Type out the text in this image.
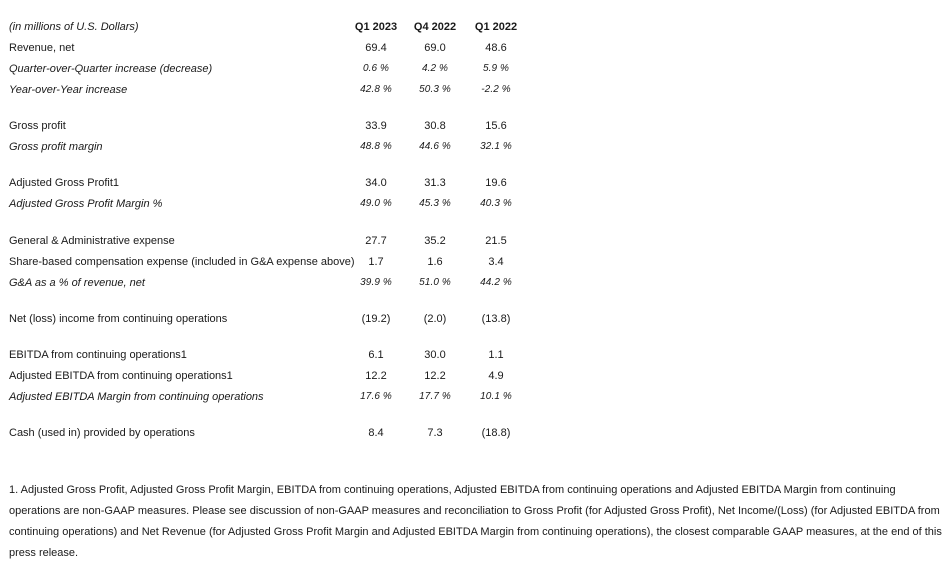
(in millions of U.S. Dollars)	Q1 2023	Q4 2022	Q1 2022
Revenue, net	69.4	69.0	48.6
Quarter-over-Quarter increase (decrease)	0.6 %	4.2 %	5.9 %
Year-over-Year increase	42.8 %	50.3 %	-2.2 %
Gross profit	33.9	30.8	15.6
Gross profit margin	48.8 %	44.6 %	32.1 %
Adjusted Gross Profit1	34.0	31.3	19.6
Adjusted Gross Profit Margin %	49.0 %	45.3 %	40.3 %
General & Administrative expense	27.7	35.2	21.5
Share-based compensation expense (included in G&A expense above)	1.7	1.6	3.4
G&A as a % of revenue, net	39.9 %	51.0 %	44.2 %
Net (loss) income from continuing operations	(19.2)	(2.0)	(13.8)
EBITDA from continuing operations1	6.1	30.0	1.1
Adjusted EBITDA from continuing operations1	12.2	12.2	4.9
Adjusted EBITDA Margin from continuing operations	17.6 %	17.7 %	10.1 %
Cash (used in) provided by operations	8.4	7.3	(18.8)
1. Adjusted Gross Profit, Adjusted Gross Profit Margin, EBITDA from continuing operations, Adjusted EBITDA from continuing operations and Adjusted EBITDA Margin from continuing operations are non-GAAP measures. Please see discussion of non-GAAP measures and reconciliation to Gross Profit (for Adjusted Gross Profit), Net Income/(Loss) (for Adjusted EBITDA from continuing operations) and Net Revenue (for Adjusted Gross Profit Margin and Adjusted EBITDA Margin from continuing operations), the closest comparable GAAP measures, at the end of this press release.
